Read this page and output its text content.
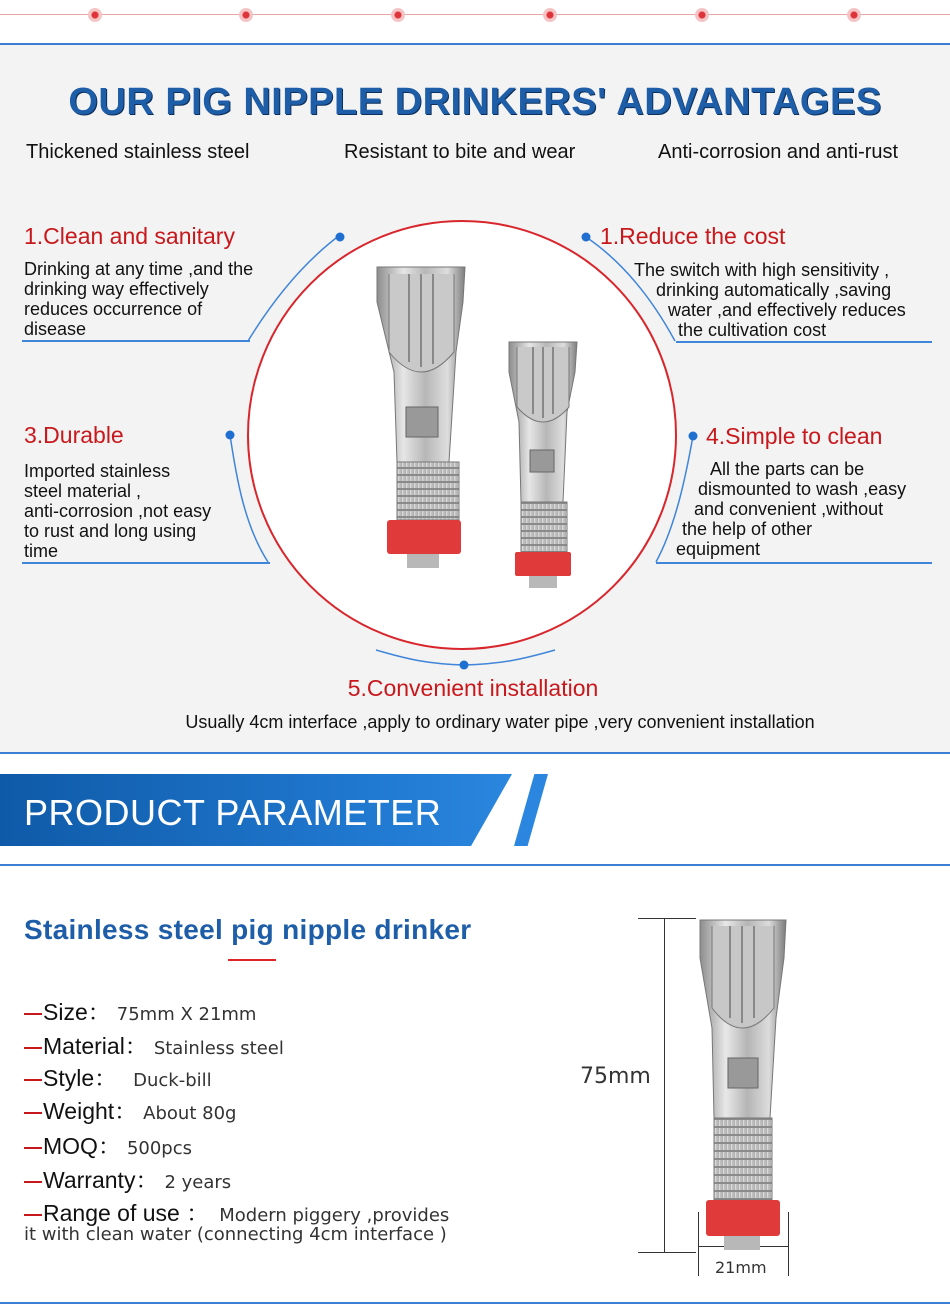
OUR PIG NIPPLE DRINKERS' ADVANTAGES
Thickened stainless steel	Resistant to bite and wear	Anti-corrosion and anti-rust
1.Clean and sanitary
Drinking at any time ,and the
drinking way effectively
reduces occurrence of
disease
1.Reduce the cost
The switch with high sensitivity ,
drinking automatically ,saving
water ,and effectively reduces
the cultivation cost
3.Durable
Imported stainless
steel material ,
anti-corrosion ,not easy
to rust and long using
time
4.Simple to clean
All the parts can be
dismounted to wash ,easy
and convenient ,without
the help of other
equipment
5.Convenient installation
Usually 4cm interface ,apply to ordinary water pipe ,very convenient installation
PRODUCT PARAMETER
Stainless steel pig nipple drinker
Size： 75mm X 21mm
Material： Stainless steel
Style： Duck-bill
Weight： About 80g
MOQ： 500pcs
Warranty： 2 years
Range of use ： Modern piggery ,provides
it with clean water (connecting 4cm interface )
75mm
21mm
